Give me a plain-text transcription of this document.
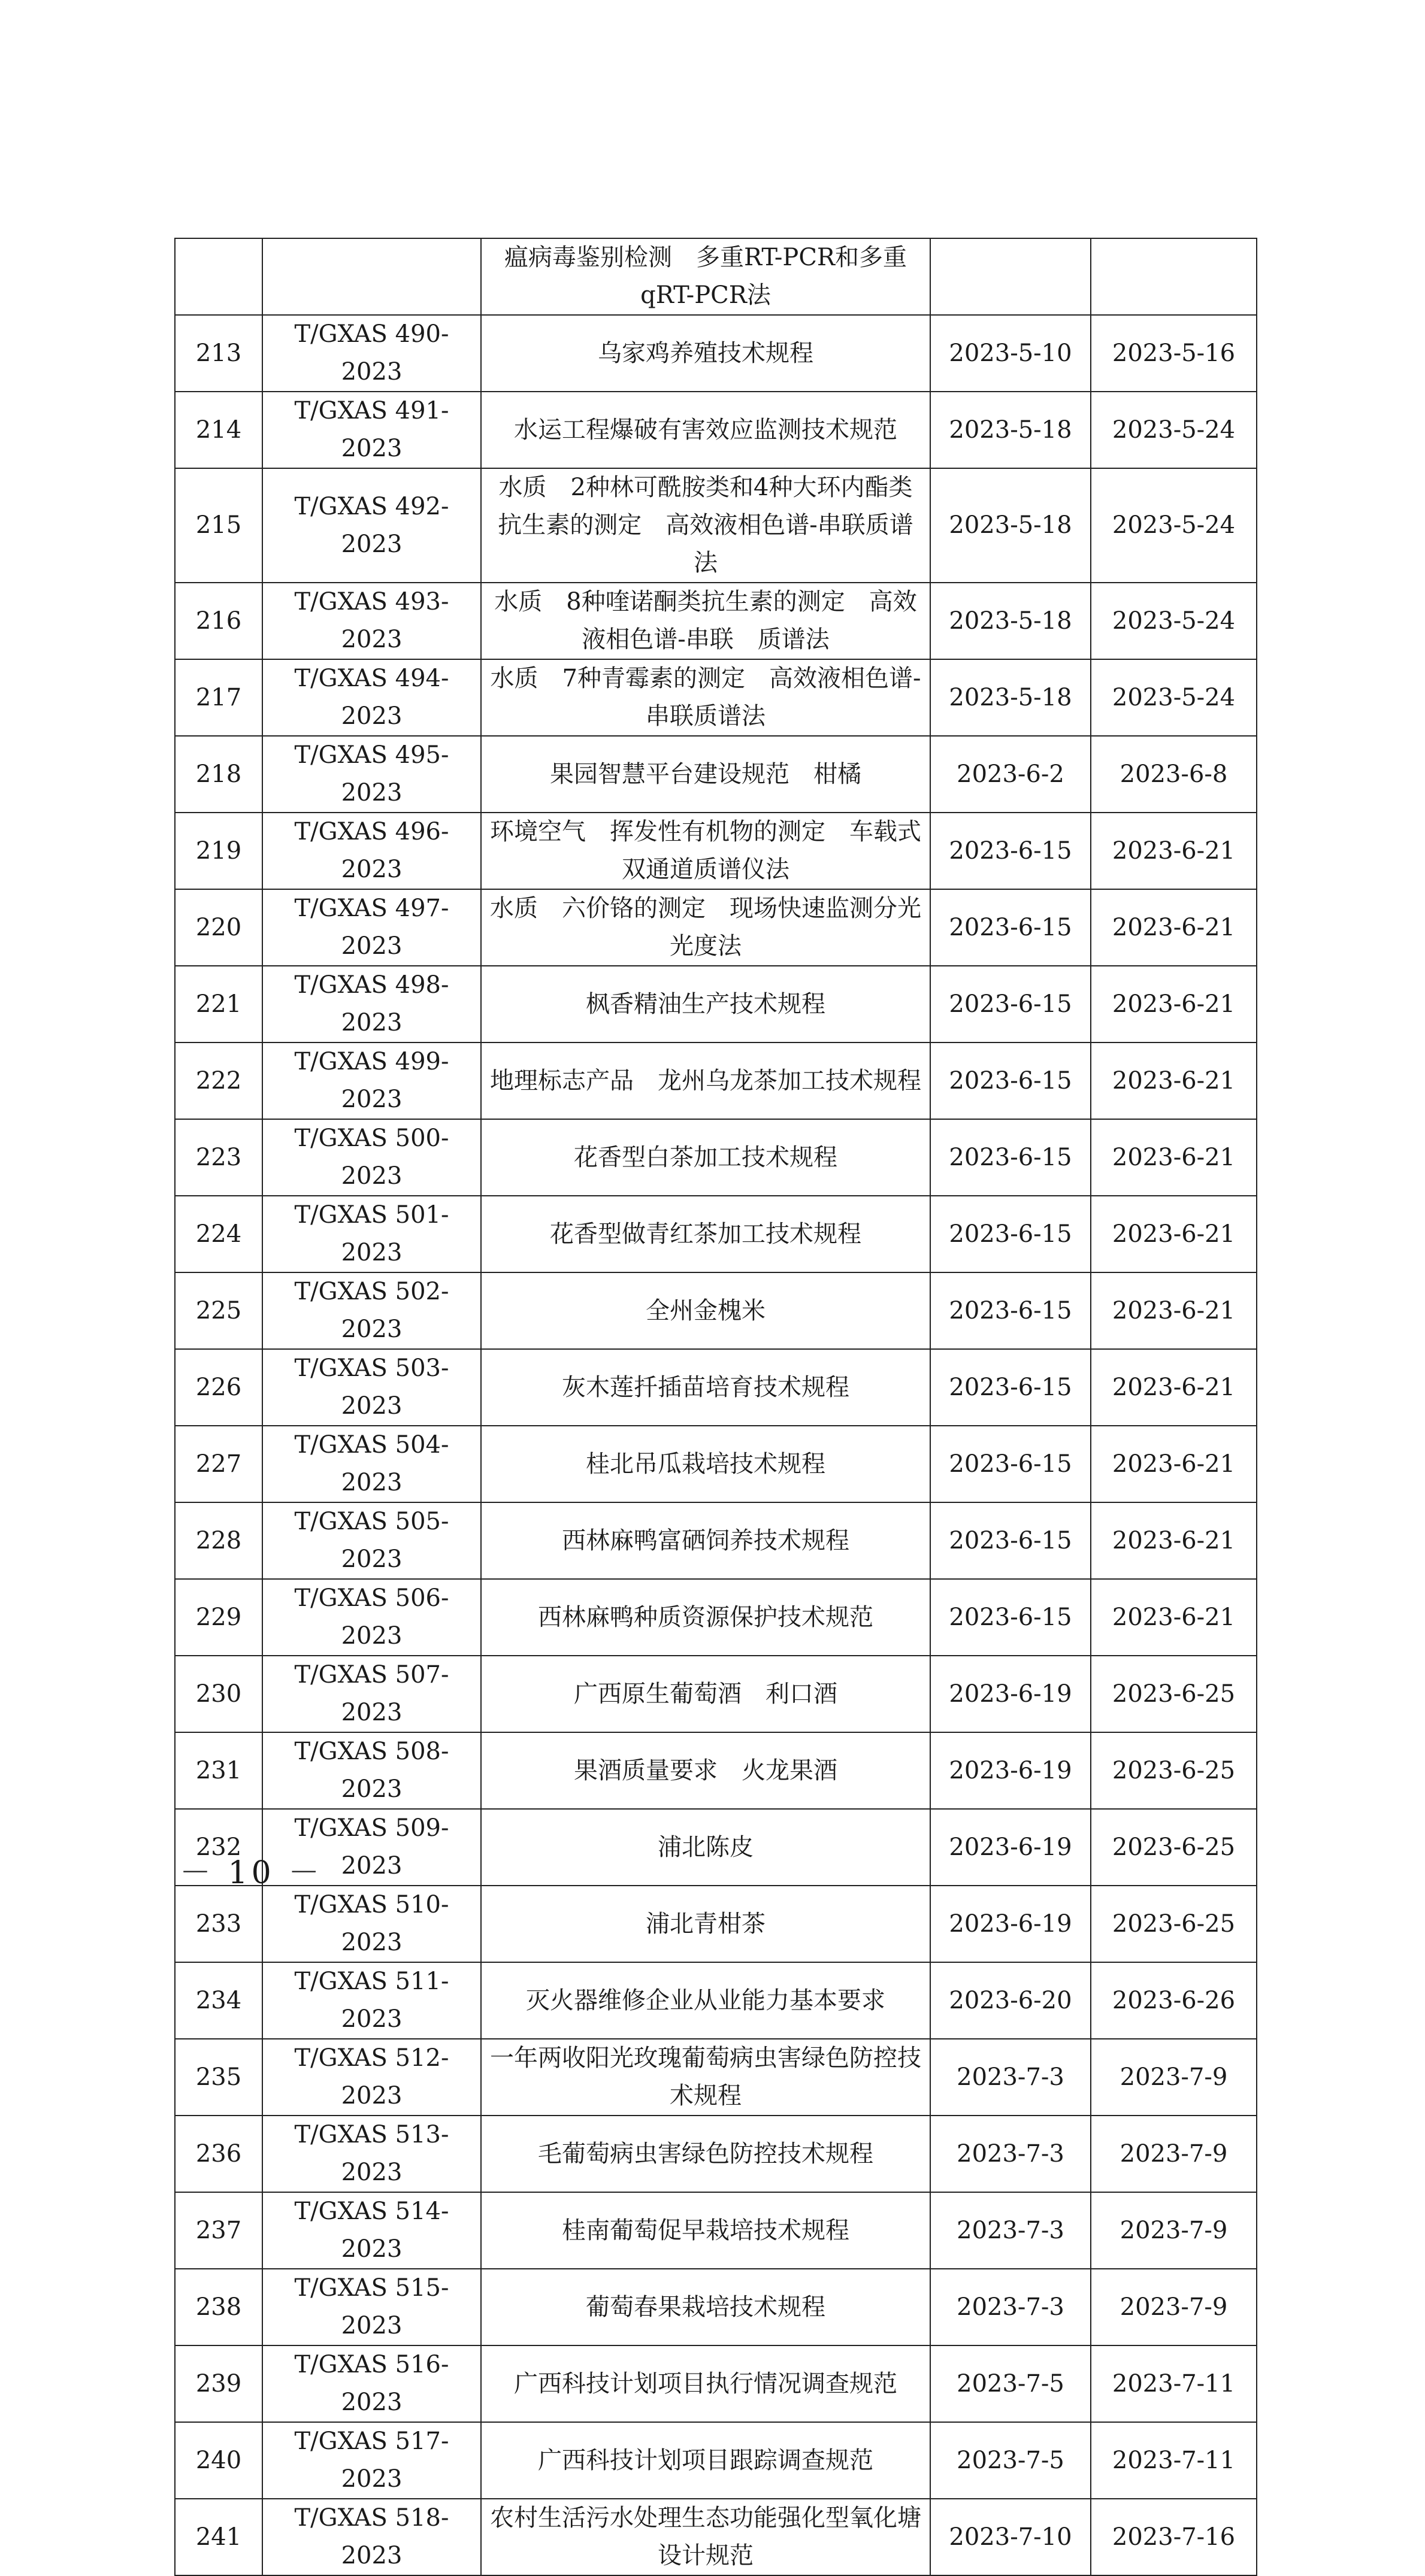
		瘟病毒鉴别检测　多重RT-PCR和多重qRT-PCR法		
213	T/GXAS 490-2023	乌家鸡养殖技术规程	2023-5-10	2023-5-16
214	T/GXAS 491-2023	水运工程爆破有害效应监测技术规范	2023-5-18	2023-5-24
215	T/GXAS 492-2023	水质　2种林可酰胺类和4种大环内酯类抗生素的测定　高效液相色谱-串联质谱法	2023-5-18	2023-5-24
216	T/GXAS 493-2023	水质　8种喹诺酮类抗生素的测定　高效液相色谱-串联　质谱法	2023-5-18	2023-5-24
217	T/GXAS 494-2023	水质　7种青霉素的测定　高效液相色谱-串联质谱法	2023-5-18	2023-5-24
218	T/GXAS 495-2023	果园智慧平台建设规范　柑橘	2023-6-2	2023-6-8
219	T/GXAS 496-2023	环境空气　挥发性有机物的测定　车载式双通道质谱仪法	2023-6-15	2023-6-21
220	T/GXAS 497-2023	水质　六价铬的测定　现场快速监测分光光度法	2023-6-15	2023-6-21
221	T/GXAS 498-2023	枫香精油生产技术规程	2023-6-15	2023-6-21
222	T/GXAS 499-2023	地理标志产品　龙州乌龙茶加工技术规程	2023-6-15	2023-6-21
223	T/GXAS 500-2023	花香型白茶加工技术规程	2023-6-15	2023-6-21
224	T/GXAS 501-2023	花香型做青红茶加工技术规程	2023-6-15	2023-6-21
225	T/GXAS 502-2023	全州金槐米	2023-6-15	2023-6-21
226	T/GXAS 503-2023	灰木莲扦插苗培育技术规程	2023-6-15	2023-6-21
227	T/GXAS 504-2023	桂北吊瓜栽培技术规程	2023-6-15	2023-6-21
228	T/GXAS 505-2023	西林麻鸭富硒饲养技术规程	2023-6-15	2023-6-21
229	T/GXAS 506-2023	西林麻鸭种质资源保护技术规范	2023-6-15	2023-6-21
230	T/GXAS 507-2023	广西原生葡萄酒　利口酒	2023-6-19	2023-6-25
231	T/GXAS 508-2023	果酒质量要求　火龙果酒	2023-6-19	2023-6-25
232	T/GXAS 509-2023	浦北陈皮	2023-6-19	2023-6-25
233	T/GXAS 510-2023	浦北青柑茶	2023-6-19	2023-6-25
234	T/GXAS 511-2023	灭火器维修企业从业能力基本要求	2023-6-20	2023-6-26
235	T/GXAS 512-2023	一年两收阳光玫瑰葡萄病虫害绿色防控技术规程	2023-7-3	2023-7-9
236	T/GXAS 513-2023	毛葡萄病虫害绿色防控技术规程	2023-7-3	2023-7-9
237	T/GXAS 514-2023	桂南葡萄促早栽培技术规程	2023-7-3	2023-7-9
238	T/GXAS 515-2023	葡萄春果栽培技术规程	2023-7-3	2023-7-9
239	T/GXAS 516-2023	广西科技计划项目执行情况调查规范	2023-7-5	2023-7-11
240	T/GXAS 517-2023	广西科技计划项目跟踪调查规范	2023-7-5	2023-7-11
241	T/GXAS 518-2023	农村生活污水处理生态功能强化型氧化塘设计规范	2023-7-10	2023-7-16
－ 10 －
